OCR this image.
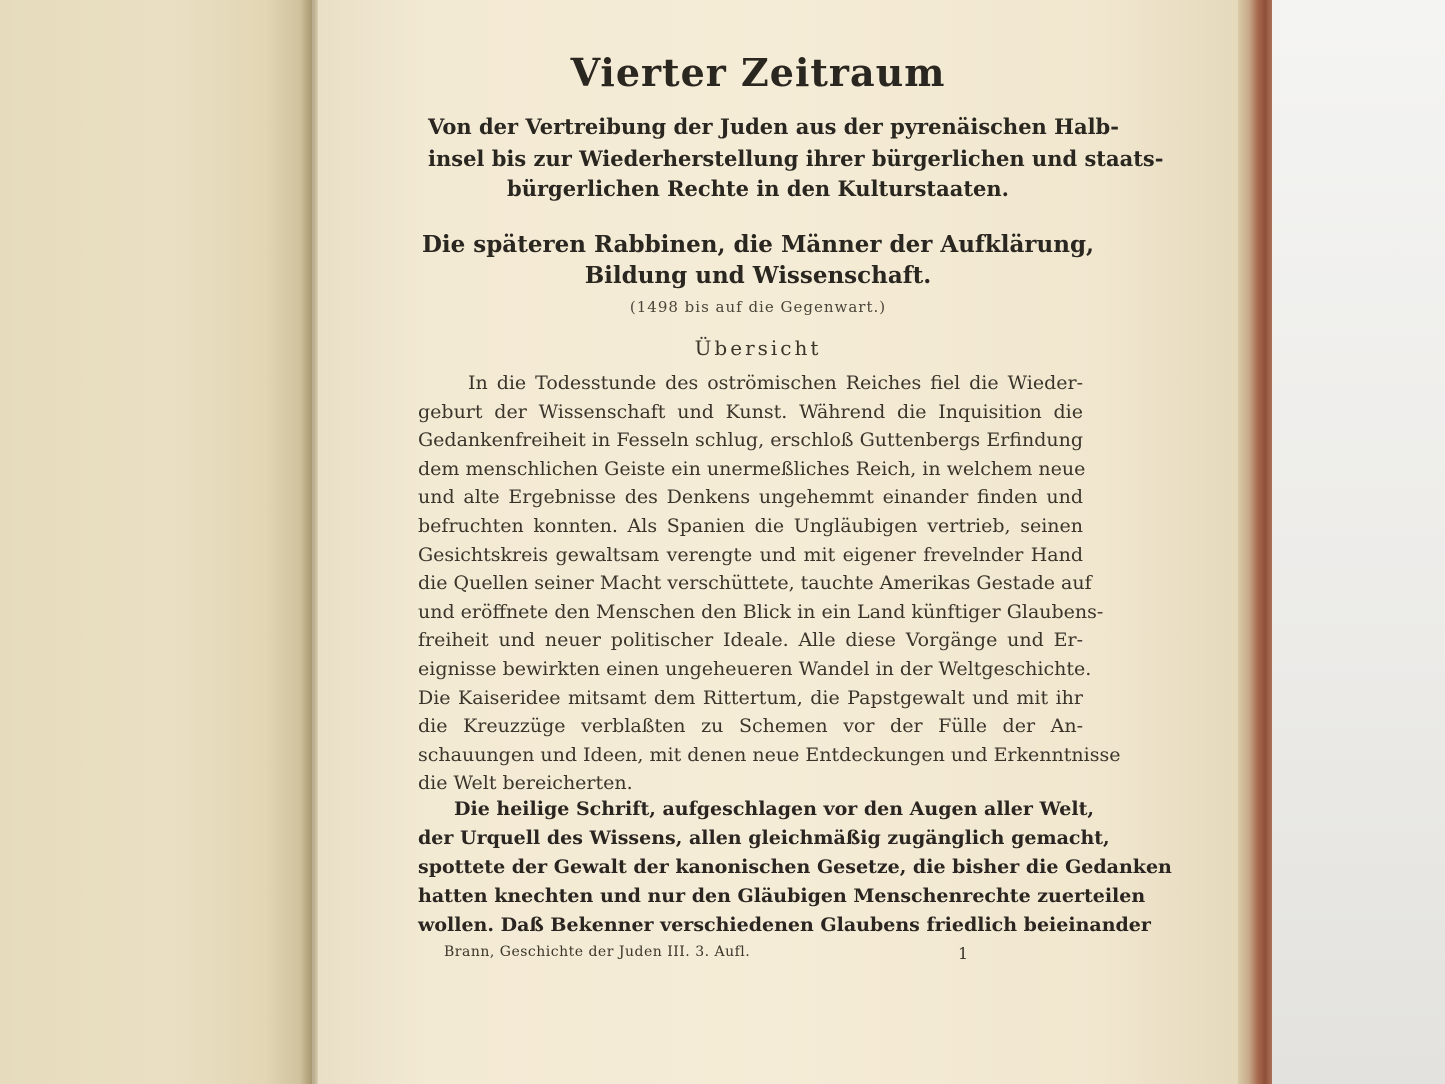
Vierter Zeitraum
Von der Vertreibung der Juden aus der pyrenäischen Halb-
insel bis zur Wiederherstellung ihrer bürgerlichen und staats-
bürgerlichen Rechte in den Kulturstaaten.
Die späteren Rabbinen, die Männer der Aufklärung,
Bildung und Wissenschaft.
(1498 bis auf die Gegenwart.)
Übersicht
In die Todesstunde des oströmischen Reiches fiel die Wieder-
geburt der Wissenschaft und Kunst. Während die Inquisition die
Gedankenfreiheit in Fesseln schlug, erschloß Guttenbergs Erfindung
dem menschlichen Geiste ein unermeßliches Reich, in welchem neue
und alte Ergebnisse des Denkens ungehemmt einander finden und
befruchten konnten. Als Spanien die Ungläubigen vertrieb, seinen
Gesichtskreis gewaltsam verengte und mit eigener frevelnder Hand
die Quellen seiner Macht verschüttete, tauchte Amerikas Gestade auf
und eröffnete den Menschen den Blick in ein Land künftiger Glaubens-
freiheit und neuer politischer Ideale. Alle diese Vorgänge und Er-
eignisse bewirkten einen ungeheueren Wandel in der Weltgeschichte.
Die Kaiseridee mitsamt dem Rittertum, die Papstgewalt und mit ihr
die Kreuzzüge verblaßten zu Schemen vor der Fülle der An-
schauungen und Ideen, mit denen neue Entdeckungen und Erkenntnisse
die Welt bereicherten.
Die heilige Schrift, aufgeschlagen vor den Augen aller Welt,
der Urquell des Wissens, allen gleichmäßig zugänglich gemacht,
spottete der Gewalt der kanonischen Gesetze, die bisher die Gedanken
hatten knechten und nur den Gläubigen Menschenrechte zuerteilen
wollen. Daß Bekenner verschiedenen Glaubens friedlich beieinander
Brann, Geschichte der Juden III. 3. Aufl.	1
